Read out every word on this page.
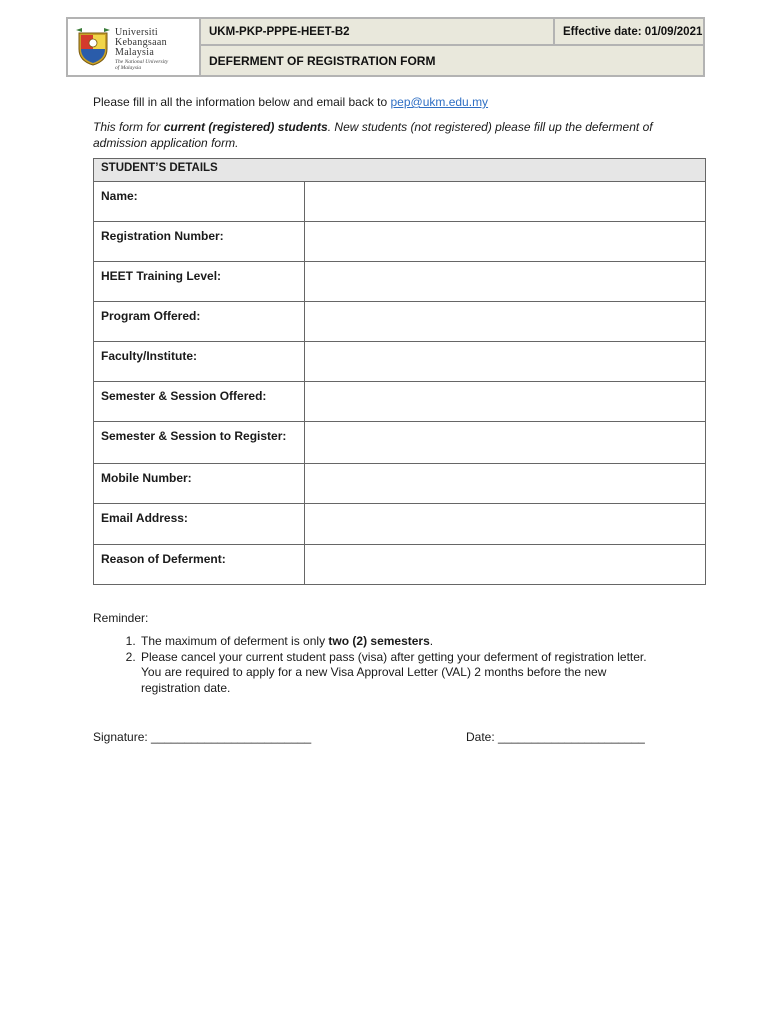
Universiti
Kebangsaan
Malaysia
The National University
of Malaysia
UKM-PKP-PPPE-HEET-B2	Effective date: 01/09/2021
DEFERMENT OF REGISTRATION FORM
Please fill in all the information below and email back to pep@ukm.edu.my
This form for current (registered) students. New students (not registered) please fill up the deferment of admission application form.
STUDENT’S DETAILS
Name:
Registration Number:
HEET Training Level:
Program Offered:
Faculty/Institute:
Semester & Session Offered:
Semester & Session to Register:
Mobile Number:
Email Address:
Reason of Deferment:
Reminder:
1. The maximum of deferment is only two (2) semesters.
2. Please cancel your current student pass (visa) after getting your deferment of registration letter. You are required to apply for a new Visa Approval Letter (VAL) 2 months before the new registration date.
Signature: ________________________	Date: ______________________
